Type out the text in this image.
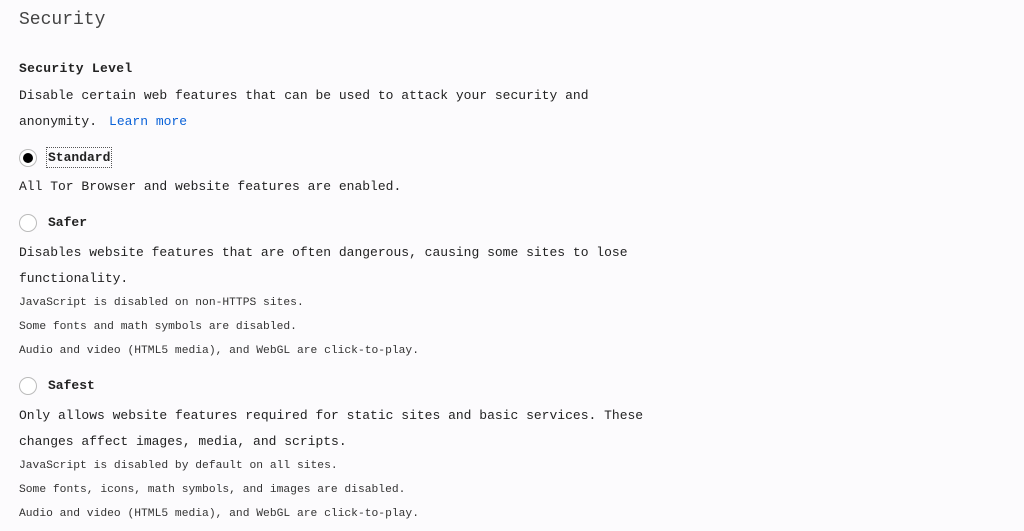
Security
Security Level
Disable certain web features that can be used to attack your security and anonymity. Learn more
Standard
All Tor Browser and website features are enabled.
Safer
Disables website features that are often dangerous, causing some sites to lose functionality.
JavaScript is disabled on non-HTTPS sites.
Some fonts and math symbols are disabled.
Audio and video (HTML5 media), and WebGL are click-to-play.
Safest
Only allows website features required for static sites and basic services. These changes affect images, media, and scripts.
JavaScript is disabled by default on all sites.
Some fonts, icons, math symbols, and images are disabled.
Audio and video (HTML5 media), and WebGL are click-to-play.
